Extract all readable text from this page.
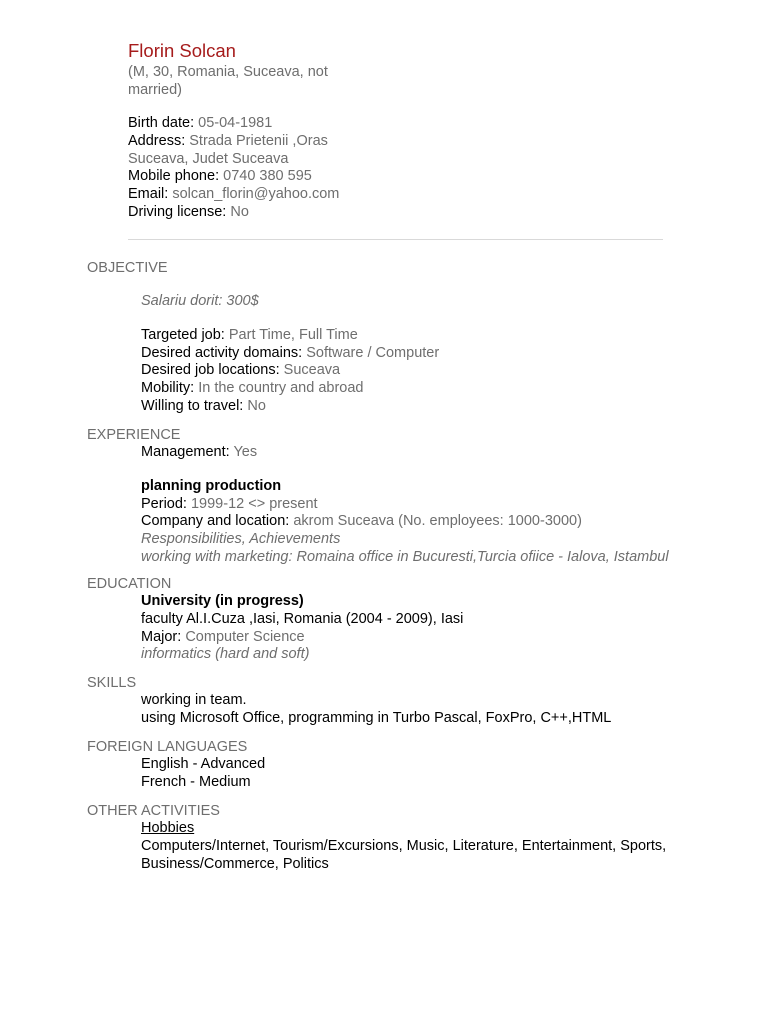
Florin Solcan
(M, 30, Romania, Suceava, not married)
Birth date: 05-04-1981
Address: Strada Prietenii ,Oras Suceava, Judet Suceava
Mobile phone: 0740 380 595
Email: solcan_florin@yahoo.com
Driving license: No
OBJECTIVE
Salariu dorit: 300$
Targeted job: Part Time, Full Time
Desired activity domains: Software / Computer
Desired job locations: Suceava
Mobility: In the country and abroad
Willing to travel: No
EXPERIENCE
Management: Yes
planning production
Period: 1999-12 <> present
Company and location: akrom Suceava (No. employees: 1000-3000)
Responsibilities, Achievements
working with marketing: Romaina office in Bucuresti,Turcia ofiice - Ialova, Istambul
EDUCATION
University (in progress)
faculty Al.I.Cuza ,Iasi, Romania (2004 - 2009), Iasi
Major: Computer Science
informatics (hard and soft)
SKILLS
working in team.
using Microsoft Office, programming in Turbo Pascal, FoxPro, C++,HTML
FOREIGN LANGUAGES
English - Advanced
French - Medium
OTHER ACTIVITIES
Hobbies
Computers/Internet, Tourism/Excursions, Music, Literature, Entertainment, Sports,
Business/Commerce, Politics
